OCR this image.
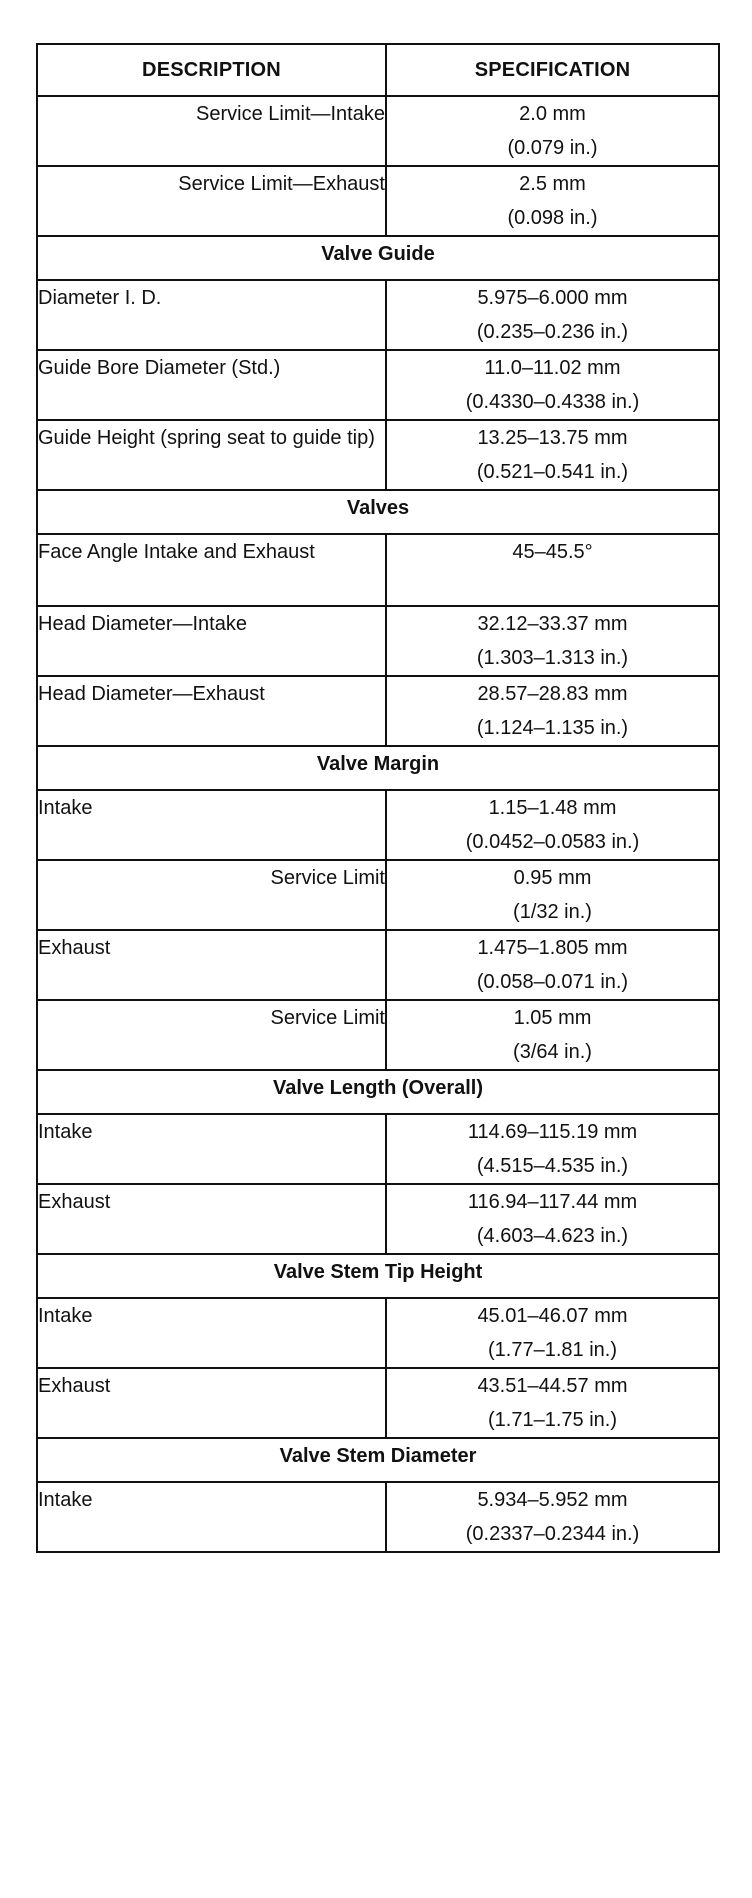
DESCRIPTION	SPECIFICATION
Service Limit—Intake	2.0 mm
(0.079 in.)

Service Limit—Exhaust	2.5 mm
(0.098 in.)

Valve Guide	
Diameter I. D.	5.975–6.000 mm
(0.235–0.236 in.)

Guide Bore Diameter (Std.)	11.0–11.02 mm
(0.4330–0.4338 in.)

Guide Height (spring seat to guide tip)	13.25–13.75 mm
(0.521–0.541 in.)

Valves	
Face Angle Intake and Exhaust	45–45.5°

Head Diameter—Intake	32.12–33.37 mm
(1.303–1.313 in.)

Head Diameter—Exhaust	28.57–28.83 mm
(1.124–1.135 in.)

Valve Margin	
Intake	1.15–1.48 mm
(0.0452–0.0583 in.)

Service Limit	0.95 mm
(1/32 in.)

Exhaust	1.475–1.805 mm
(0.058–0.071 in.)

Service Limit	1.05 mm
(3/64 in.)

Valve Length (Overall)	
Intake	114.69–115.19 mm
(4.515–4.535 in.)

Exhaust	116.94–117.44 mm
(4.603–4.623 in.)

Valve Stem Tip Height	
Intake	45.01–46.07 mm
(1.77–1.81 in.)

Exhaust	43.51–44.57 mm
(1.71–1.75 in.)

Valve Stem Diameter	
Intake	5.934–5.952 mm
(0.2337–0.2344 in.)
